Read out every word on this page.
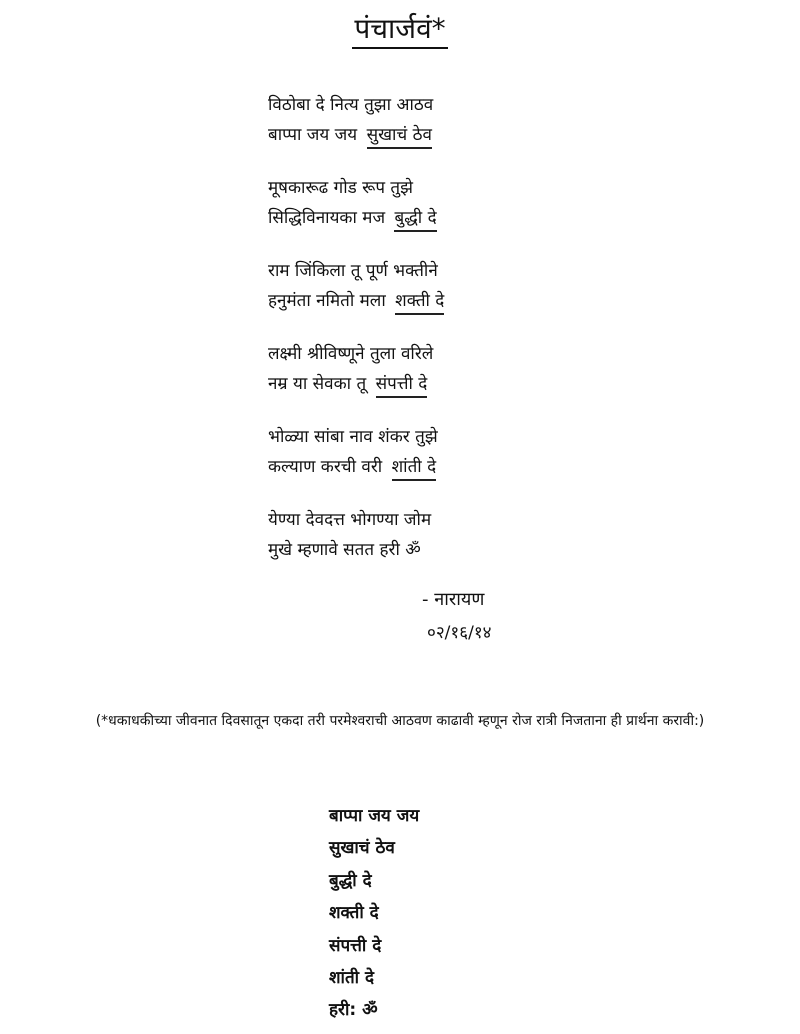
पंचार्जवं*
विठोबा दे नित्य तुझा आठव
बाप्पा जय जय सुखाचं ठेव
मूषकारूढ गोड रूप तुझे
सिद्धिविनायका मज बुद्धी दे
राम जिंकिला तू पूर्ण भक्तीने
हनुमंता नमितो मला शक्ती दे
लक्ष्मी श्रीविष्णूने तुला वरिले
नम्र या सेवका तू संपत्ती दे
भोळ्या सांबा नाव शंकर तुझे
कल्याण करची वरी शांती दे
येण्या देवदत्त भोगण्या जोम
मुखे म्हणावे सतत हरी ॐ
- नारायण
०२/१६/१४
(*धकाधकीच्या जीवनात दिवसातून एकदा तरी परमेश्वराची आठवण काढावी म्हणून रोज रात्री निजताना ही प्रार्थना करावी:)
बाप्पा जय जय
सुखाचं ठेव
बुद्धी दे
शक्ती दे
संपत्ती दे
शांती दे
हरी: ॐ
